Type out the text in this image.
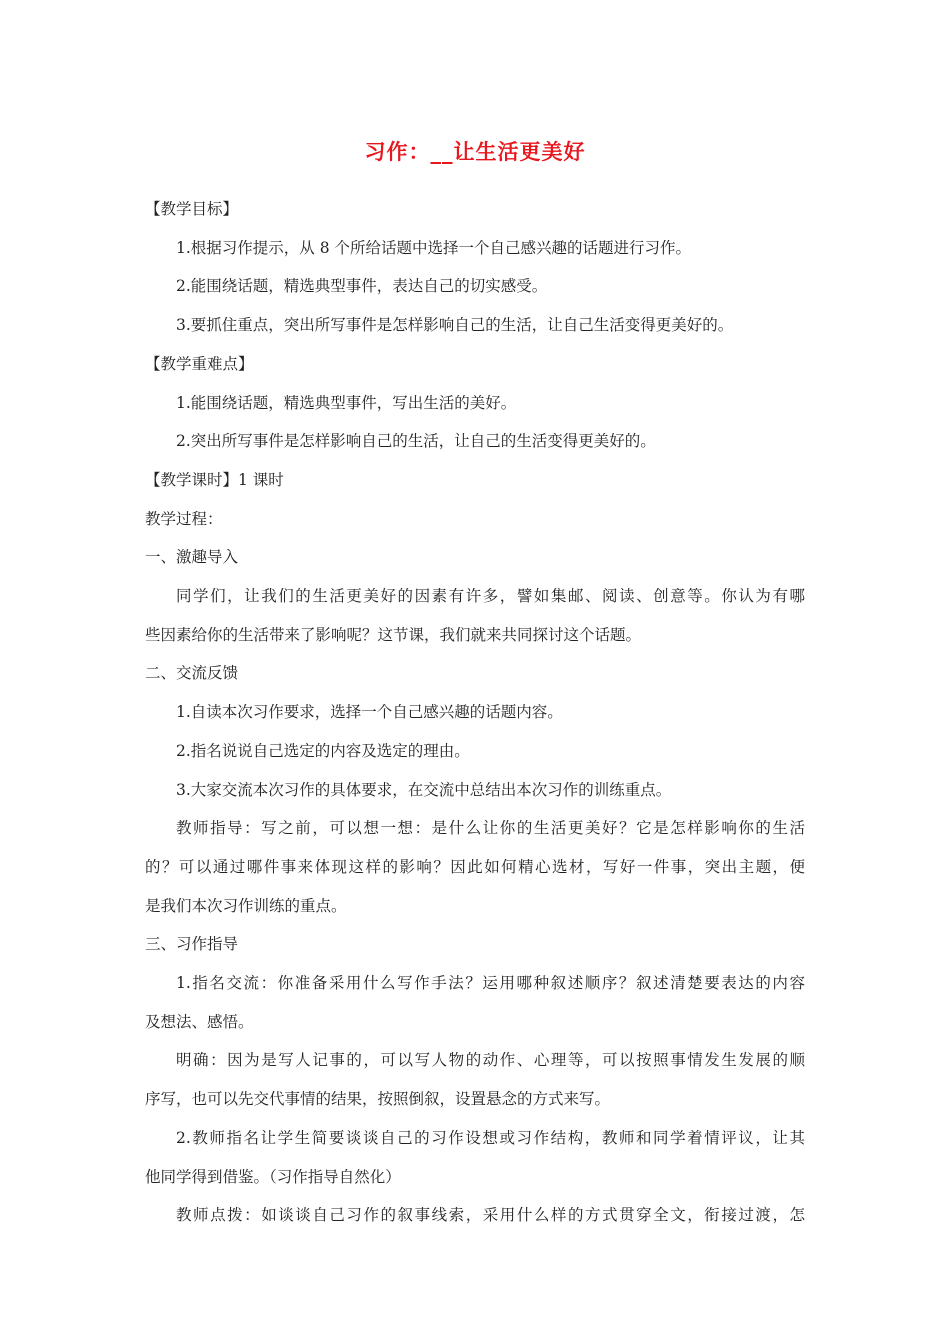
习作：__让生活更美好
【教学目标】
1.根据习作提示，从 8 个所给话题中选择一个自己感兴趣的话题进行习作。
2.能围绕话题，精选典型事件，表达自己的切实感受。
3.要抓住重点，突出所写事件是怎样影响自己的生活，让自己生活变得更美好的。
【教学重难点】
1.能围绕话题，精选典型事件，写出生活的美好。
2.突出所写事件是怎样影响自己的生活，让自己的生活变得更美好的。
【教学课时】1 课时
教学过程：
一、激趣导入
同学们，让我们的生活更美好的因素有许多，譬如集邮、阅读、创意等。你认为有哪
些因素给你的生活带来了影响呢？这节课，我们就来共同探讨这个话题。
二、交流反馈
1.自读本次习作要求，选择一个自己感兴趣的话题内容。
2.指名说说自己选定的内容及选定的理由。
3.大家交流本次习作的具体要求，在交流中总结出本次习作的训练重点。
教师指导：写之前，可以想一想：是什么让你的生活更美好？它是怎样影响你的生活
的？可以通过哪件事来体现这样的影响？因此如何精心选材，写好一件事，突出主题，便
是我们本次习作训练的重点。
三、习作指导
1.指名交流：你准备采用什么写作手法？运用哪种叙述顺序？叙述清楚要表达的内容
及想法、感悟。
明确：因为是写人记事的，可以写人物的动作、心理等，可以按照事情发生发展的顺
序写，也可以先交代事情的结果，按照倒叙，设置悬念的方式来写。
2.教师指名让学生简要谈谈自己的习作设想或习作结构，教师和同学着情评议，让其
他同学得到借鉴。（习作指导自然化）
教师点拨：如谈谈自己习作的叙事线索，采用什么样的方式贯穿全文，衔接过渡，怎
